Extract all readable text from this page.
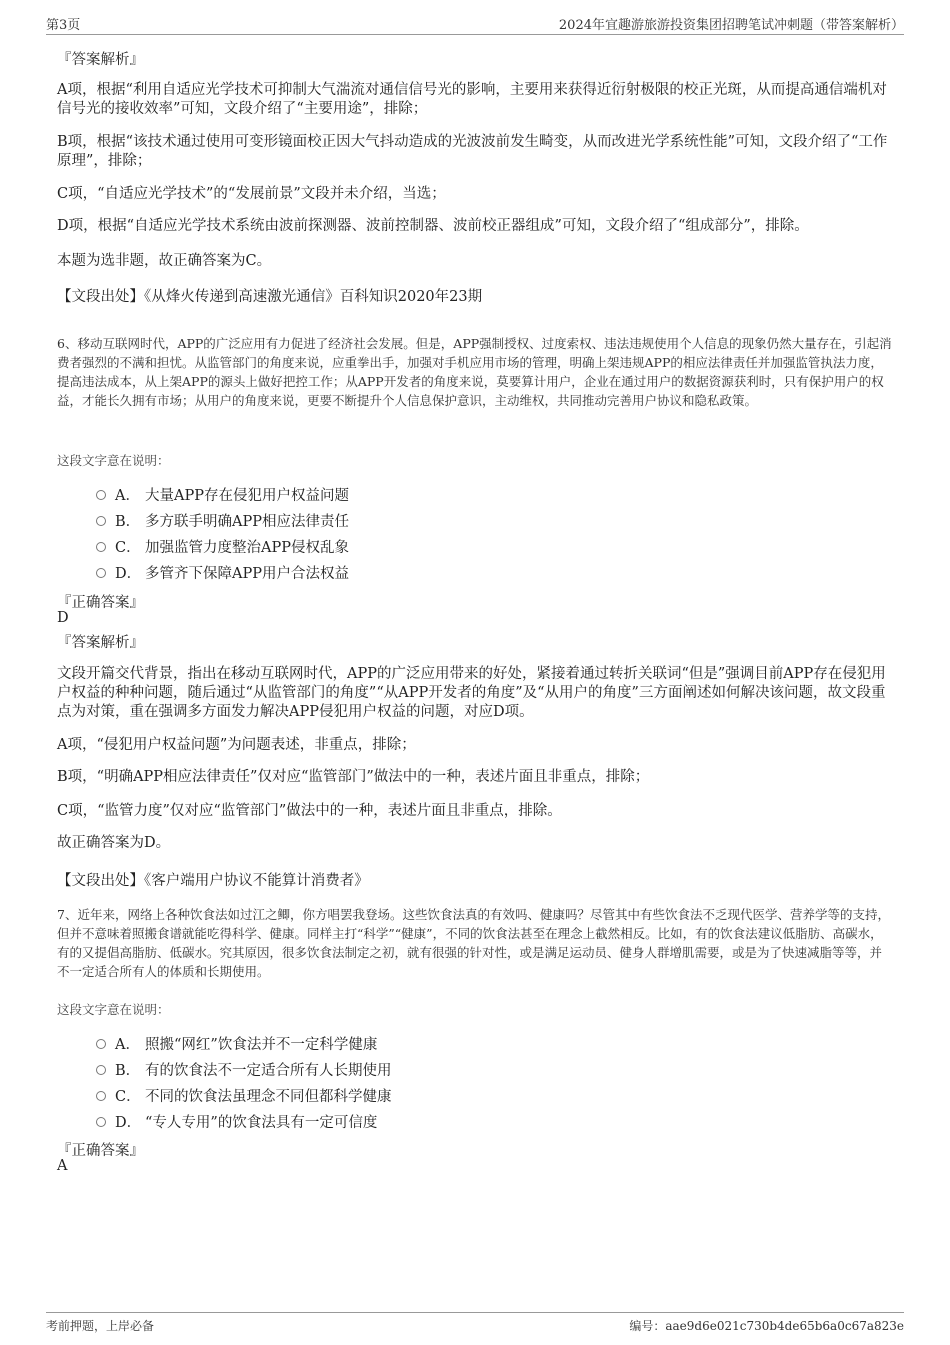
第3页	2024年宜趣游旅游投资集团招聘笔试冲刺题（带答案解析）
『答案解析』
A项，根据“利用自适应光学技术可抑制大气湍流对通信信号光的影响，主要用来获得近衍射极限的校正光斑，从而提高通信端机对信号光的接收效率”可知，文段介绍了“主要用途”，排除；
B项，根据“该技术通过使用可变形镜面校正因大气抖动造成的光波波前发生畸变，从而改进光学系统性能”可知，文段介绍了“工作原理”，排除；
C项，“自适应光学技术”的“发展前景”文段并未介绍，当选；
D项，根据“自适应光学技术系统由波前探测器、波前控制器、波前校正器组成”可知，文段介绍了“组成部分”，排除。
本题为选非题，故正确答案为C。
【文段出处】《从烽火传递到高速激光通信》百科知识2020年23期
6、移动互联网时代，APP的广泛应用有力促进了经济社会发展。但是，APP强制授权、过度索权、违法违规使用个人信息的现象仍然大量存在，引起消费者强烈的不满和担忧。从监管部门的角度来说，应重拳出手，加强对手机应用市场的管理，明确上架违规APP的相应法律责任并加强监管执法力度，提高违法成本，从上架APP的源头上做好把控工作；从APP开发者的角度来说，莫要算计用户，企业在通过用户的数据资源获利时，只有保护用户的权益，才能长久拥有市场；从用户的角度来说，更要不断提升个人信息保护意识，主动维权，共同推动完善用户协议和隐私政策。
这段文字意在说明：
A． 大量APP存在侵犯用户权益问题
B． 多方联手明确APP相应法律责任
C． 加强监管力度整治APP侵权乱象
D． 多管齐下保障APP用户合法权益
『正确答案』
D
『答案解析』
文段开篇交代背景，指出在移动互联网时代，APP的广泛应用带来的好处，紧接着通过转折关联词“但是”强调目前APP存在侵犯用户权益的种种问题，随后通过“从监管部门的角度”“从APP开发者的角度”及“从用户的角度”三方面阐述如何解决该问题，故文段重点为对策，重在强调多方面发力解决APP侵犯用户权益的问题，对应D项。
A项，“侵犯用户权益问题”为问题表述，非重点，排除；
B项，“明确APP相应法律责任”仅对应“监管部门”做法中的一种，表述片面且非重点，排除；
C项，“监管力度”仅对应“监管部门”做法中的一种，表述片面且非重点，排除。
故正确答案为D。
【文段出处】《客户端用户协议不能算计消费者》
7、近年来，网络上各种饮食法如过江之鲫，你方唱罢我登场。这些饮食法真的有效吗、健康吗？尽管其中有些饮食法不乏现代医学、营养学等的支持，但并不意味着照搬食谱就能吃得科学、健康。同样主打“科学”“健康”，不同的饮食法甚至在理念上截然相反。比如，有的饮食法建议低脂肪、高碳水，有的又提倡高脂肪、低碳水。究其原因，很多饮食法制定之初，就有很强的针对性，或是满足运动员、健身人群增肌需要，或是为了快速减脂等等，并不一定适合所有人的体质和长期使用。
这段文字意在说明：
A． 照搬“网红”饮食法并不一定科学健康
B． 有的饮食法不一定适合所有人长期使用
C． 不同的饮食法虽理念不同但都科学健康
D． “专人专用”的饮食法具有一定可信度
『正确答案』
A
考前押题，上岸必备	编号：aae9d6e021c730b4de65b6a0c67a823e
